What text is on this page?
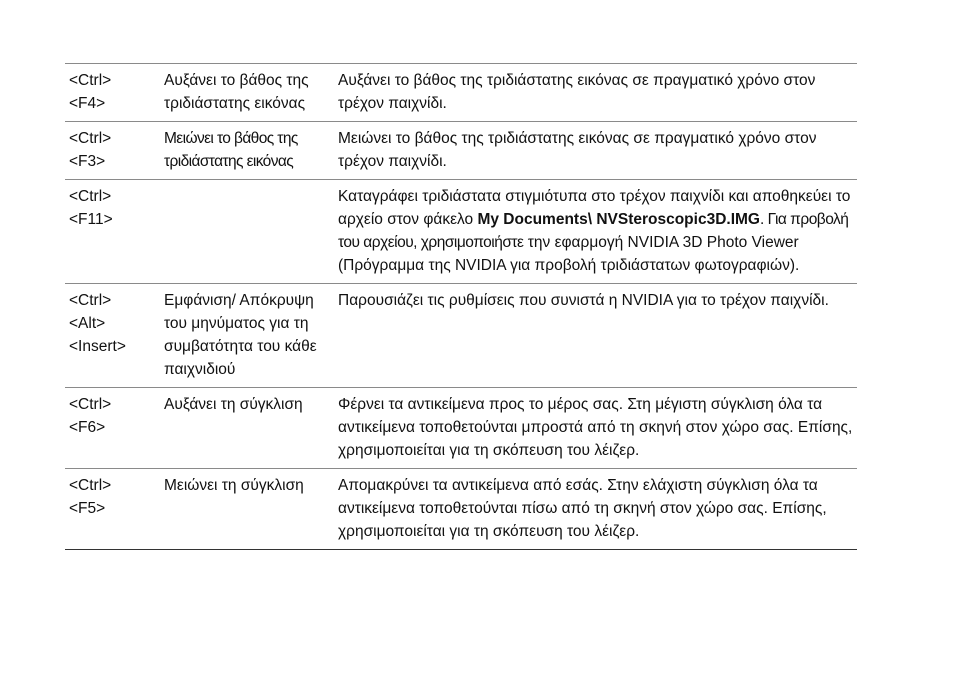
<Ctrl>
<F4>	Αυξάνει το βάθος της τριδιάστατης εικόνας	Αυξάνει το βάθος της τριδιάστατης εικόνας σε πραγματικό χρόνο στον τρέχον παιχνίδι.

<Ctrl>
<F3>	Μειώνει το βάθος της τριδιάστατης εικόνας	Μειώνει το βάθος της τριδιάστατης εικόνας σε πραγματικό χρόνο στον τρέχον παιχνίδι.

<Ctrl>
<F11>		Καταγράφει τριδιάστατα στιγμιότυπα στο τρέχον παιχνίδι και αποθηκεύει το αρχείο στον φάκελο My Documents\ NVSteroscopic3D.IMG. Για προβολή του αρχείου, χρησιμοποιήστε την εφαρμογή NVIDIA 3D Photo Viewer (Πρόγραμμα της NVIDIA για προβολή τριδιάστατων φωτογραφιών).

<Ctrl>
<Alt>
<Insert>	Εμφάνιση/ Απόκρυψη του μηνύματος για τη συμβατότητα του κάθε παιχνιδιού	Παρουσιάζει τις ρυθμίσεις που συνιστά η NVIDIA για το τρέχον παιχνίδι.

<Ctrl>
<F6>	Αυξάνει τη σύγκλιση	Φέρνει τα αντικείμενα προς το μέρος σας. Στη μέγιστη σύγκλιση όλα τα αντικείμενα τοποθετούνται μπροστά από τη σκηνή στον χώρο σας. Επίσης, χρησιμοποιείται για τη σκόπευση του λέιζερ.

<Ctrl>
<F5>	Μειώνει τη σύγκλιση	Απομακρύνει τα αντικείμενα από εσάς. Στην ελάχιστη σύγκλιση όλα τα αντικείμενα τοποθετούνται πίσω από τη σκηνή στον χώρο σας. Επίσης, χρησιμοποιείται για τη σκόπευση του λέιζερ.
